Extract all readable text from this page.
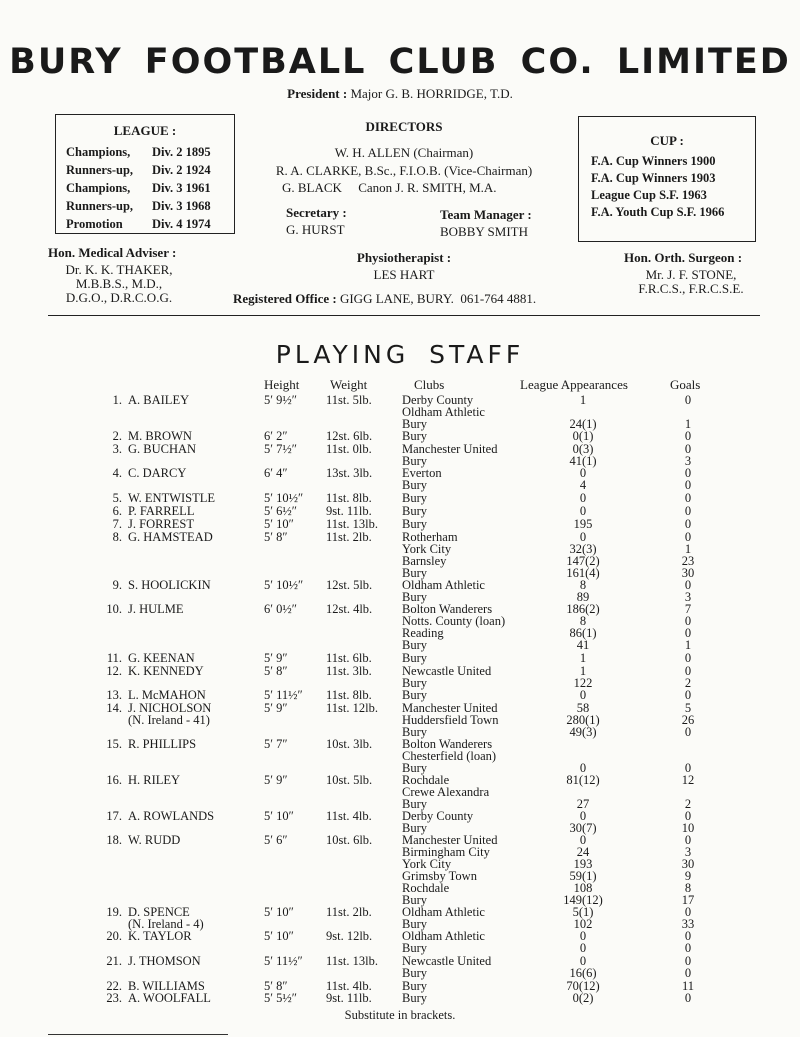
BURY FOOTBALL CLUB CO. LIMITED
President : Major G. B. HORRIDGE, T.D.
LEAGUE :
Champions, Div. 2 1895
Runners-up, Div. 2 1924
Champions, Div. 3 1961
Runners-up, Div. 3 1968
Promotion Div. 4 1974
DIRECTORS
W. H. ALLEN (Chairman)
R. A. CLARKE, B.Sc., F.I.O.B. (Vice-Chairman)
G. BLACK     Canon J. R. SMITH, M.A.
Secretary :
G. HURST
Team Manager :
BOBBY SMITH
Physiotherapist :
LES HART
Registered Office : GIGG LANE, BURY.  061-764 4881.
CUP :
F.A. Cup Winners 1900
F.A. Cup Winners 1903
League Cup S.F. 1963
F.A. Youth Cup S.F. 1966
Hon. Medical Adviser :
Dr. K. K. THAKER,
M.B.B.S., M.D.,
D.G.O., D.R.C.O.G.
Hon. Orth. Surgeon :
Mr. J. F. STONE,
F.R.C.S., F.R.C.S.E.
PLAYING STAFF
Height Weight	Clubs	League Appearances	Goals
1. A. BAILEY	5′ 9½″ 11st. 5lb. Derby County	1	0
Oldham Athletic
Bury	24(1)	1
2. M. BROWN	6′ 2″	12st. 6lb. Bury	0(1)	0
3. G. BUCHAN	5′ 7½″ 11st. 0lb. Manchester United	0(3)	0
Bury	41(1)	3
4. C. DARCY	6′ 4″	13st. 3lb. Everton	0	0
Bury	4	0
5. W. ENTWISTLE	5′ 10½″ 11st. 8lb. Bury	0	0
6. P. FARRELL	5′ 6½″ 9st. 11lb. Bury	0	0
7. J. FORREST	5′ 10″	11st. 13lb. Bury	195	0
8. G. HAMSTEAD	5′ 8″	11st. 2lb. Rotherham	0	0
York City	32(3)	1
Barnsley	147(2)	23
Bury	161(4)	30
9. S. HOOLICKIN	5′ 10½″ 12st. 5lb. Oldham Athletic	8	0
Bury	89	3
10. J. HULME	6′ 0½″ 12st. 4lb. Bolton Wanderers	186(2)	7
Notts. County (loan)	8	0
Reading	86(1)	0
Bury	41	1
11. G. KEENAN	5′ 9″	11st. 6lb. Bury	1	0
12. K. KENNEDY	5′ 8″	11st. 3lb. Newcastle United	1	0
Bury	122	2
13. L. McMAHON	5′ 11½″ 11st. 8lb. Bury	0	0
14. J. NICHOLSON	5′ 9″	11st. 12lb. Manchester United	58	5
(N. Ireland - 41)	Huddersfield Town	280(1)	26
Bury	49(3)	0
15. R. PHILLIPS	5′ 7″	10st. 3lb. Bolton Wanderers
Chesterfield (loan)
Bury	0	0
16. H. RILEY	5′ 9″	10st. 5lb. Rochdale	81(12)	12
Crewe Alexandra
Bury	27	2
17. A. ROWLANDS	5′ 10″	11st. 4lb. Derby County	0	0
Bury	30(7)	10
18. W. RUDD	5′ 6″	10st. 6lb. Manchester United	0	0
Birmingham City	24	3
York City	193	30
Grimsby Town	59(1)	9
Rochdale	108	8
Bury	149(12)	17
19. D. SPENCE	5′ 10″	11st. 2lb. Oldham Athletic	5(1)	0
(N. Ireland - 4)	Bury	102	33
20. K. TAYLOR	5′ 10″	9st. 12lb. Oldham Athletic	0	0
Bury	0	0
21. J. THOMSON	5′ 11½″ 11st. 13lb. Newcastle United	0	0
Bury	16(6)	0
22. B. WILLIAMS	5′ 8″	11st. 4lb. Bury	70(12)	11
23. A. WOOLFALL	5′ 5½″ 9st. 11lb. Bury	0(2)	0
Substitute in brackets.
